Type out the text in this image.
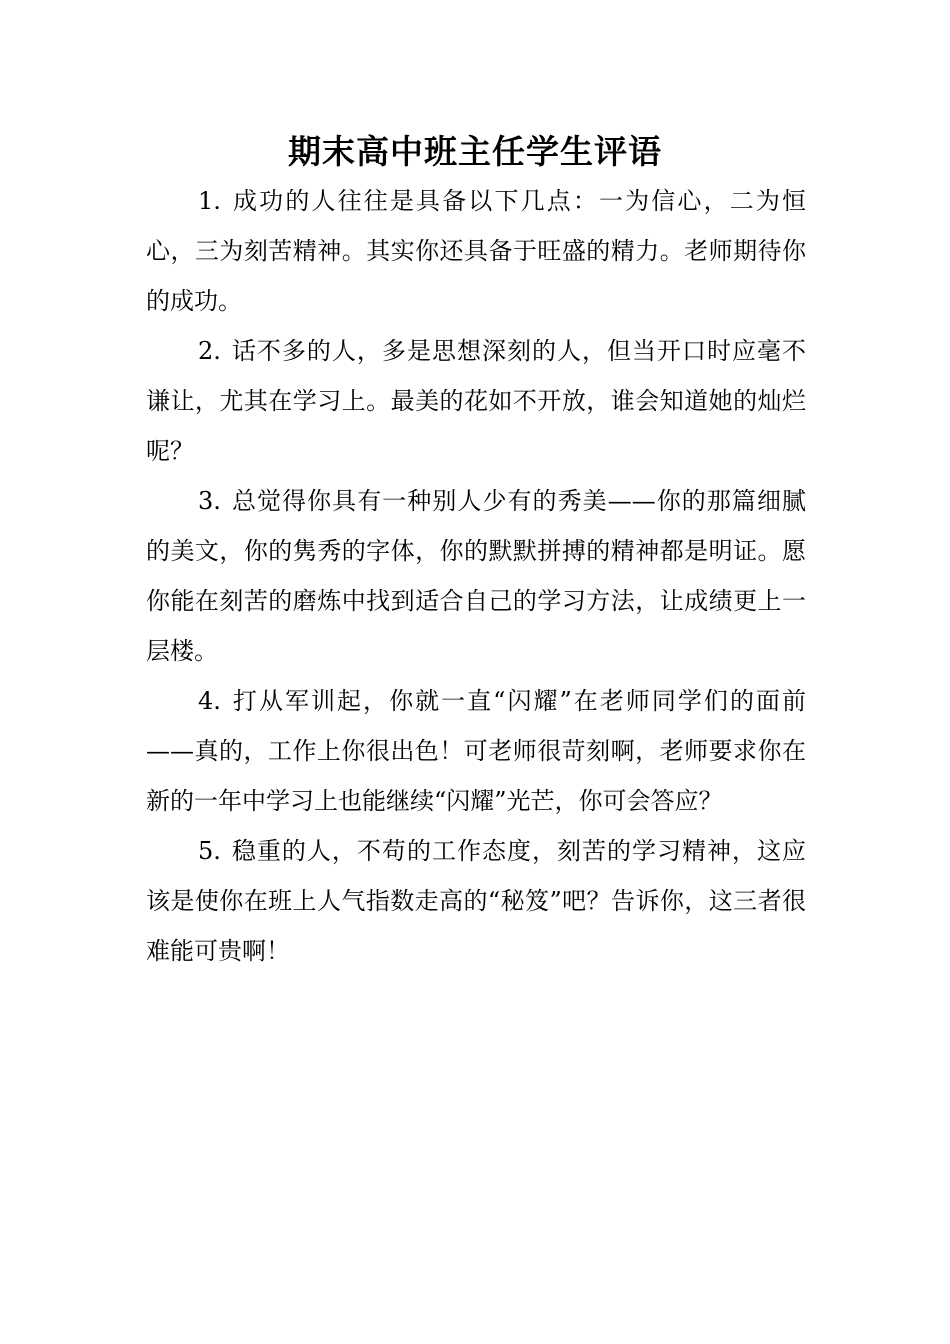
期末高中班主任学生评语

1. 成功的人往往是具备以下几点：一为信心，二为恒心，三为刻苦精神。其实你还具备于旺盛的精力。老师期待你的成功。

2. 话不多的人，多是思想深刻的人，但当开口时应毫不谦让，尤其在学习上。最美的花如不开放，谁会知道她的灿烂呢？

3. 总觉得你具有一种别人少有的秀美——你的那篇细腻的美文，你的隽秀的字体，你的默默拼搏的精神都是明证。愿你能在刻苦的磨炼中找到适合自己的学习方法，让成绩更上一层楼。

4. 打从军训起，你就一直“闪耀”在老师同学们的面前——真的，工作上你很出色！可老师很苛刻啊，老师要求你在新的一年中学习上也能继续“闪耀”光芒，你可会答应？

5. 稳重的人，不苟的工作态度，刻苦的学习精神，这应该是使你在班上人气指数走高的“秘笈”吧？告诉你，这三者很难能可贵啊！
